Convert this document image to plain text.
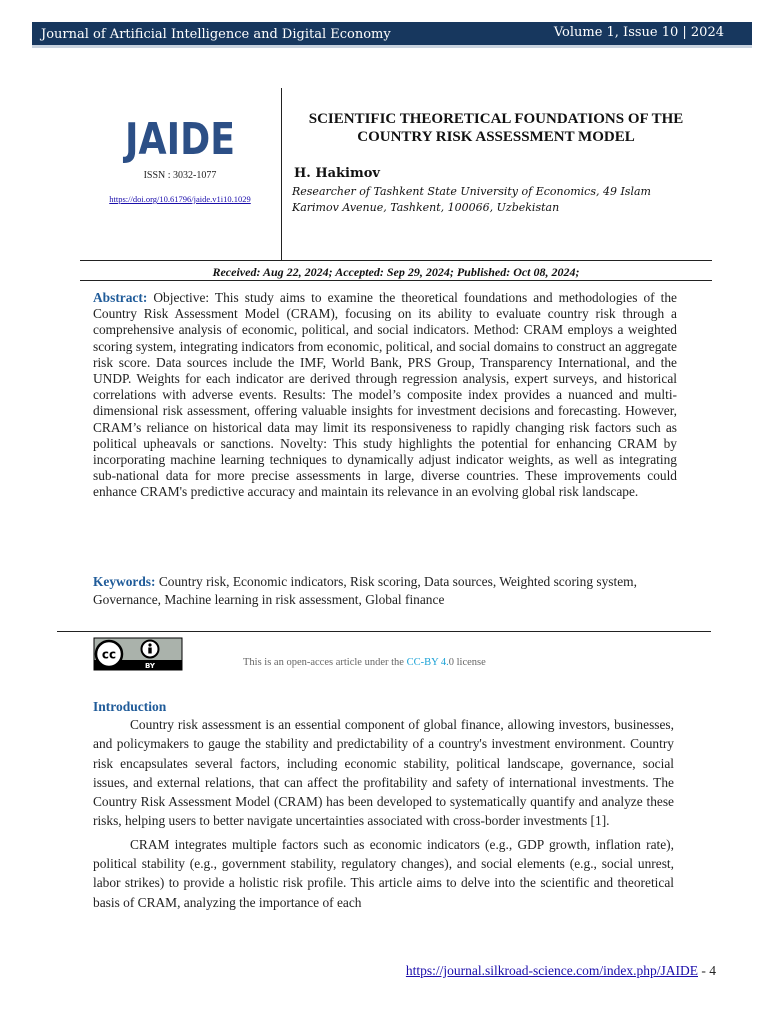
Journal of Artificial Intelligence and Digital Economy	Volume 1, Issue 10 | 2024
JAIDE
ISSN : 3032-1077
https://doi.org/10.61796/jaide.v1i10.1029
SCIENTIFIC THEORETICAL FOUNDATIONS OF THE COUNTRY RISK ASSESSMENT MODEL
H. Hakimov
Researcher of Tashkent State University of Economics, 49 Islam Karimov Avenue, Tashkent, 100066, Uzbekistan
Received: Aug 22, 2024; Accepted: Sep 29, 2024; Published: Oct 08, 2024;
Abstract: Objective: This study aims to examine the theoretical foundations and methodologies of the Country Risk Assessment Model (CRAM), focusing on its ability to evaluate country risk through a comprehensive analysis of economic, political, and social indicators. Method: CRAM employs a weighted scoring system, integrating indicators from economic, political, and social domains to construct an aggregate risk score. Data sources include the IMF, World Bank, PRS Group, Transparency International, and the UNDP. Weights for each indicator are derived through regression analysis, expert surveys, and historical correlations with adverse events. Results: The model’s composite index provides a nuanced and multi-dimensional risk assessment, offering valuable insights for investment decisions and forecasting. However, CRAM’s reliance on historical data may limit its responsiveness to rapidly changing risk factors such as political upheavals or sanctions. Novelty: This study highlights the potential for enhancing CRAM by incorporating machine learning techniques to dynamically adjust indicator weights, as well as integrating sub-national data for more precise assessments in large, diverse countries. These improvements could enhance CRAM's predictive accuracy and maintain its relevance in an evolving global risk landscape.
Keywords: Country risk, Economic indicators, Risk scoring, Data sources, Weighted scoring system, Governance, Machine learning in risk assessment, Global finance
cc
BY	This is an open-acces article under the CC-BY 4.0 license
Introduction

Country risk assessment is an essential component of global finance, allowing investors, businesses, and policymakers to gauge the stability and predictability of a country's investment environment. Country risk encapsulates several factors, including economic stability, political landscape, governance, social issues, and external relations, that can affect the profitability and safety of international investments. The Country Risk Assessment Model (CRAM) has been developed to systematically quantify and analyze these risks, helping users to better navigate uncertainties associated with cross-border investments [1].

CRAM integrates multiple factors such as economic indicators (e.g., GDP growth, inflation rate), political stability (e.g., government stability, regulatory changes), and social elements (e.g., social unrest, labor strikes) to provide a holistic risk profile. This article aims to delve into the scientific and theoretical basis of CRAM, analyzing the importance of each

https://journal.silkroad-science.com/index.php/JAIDE - 4
